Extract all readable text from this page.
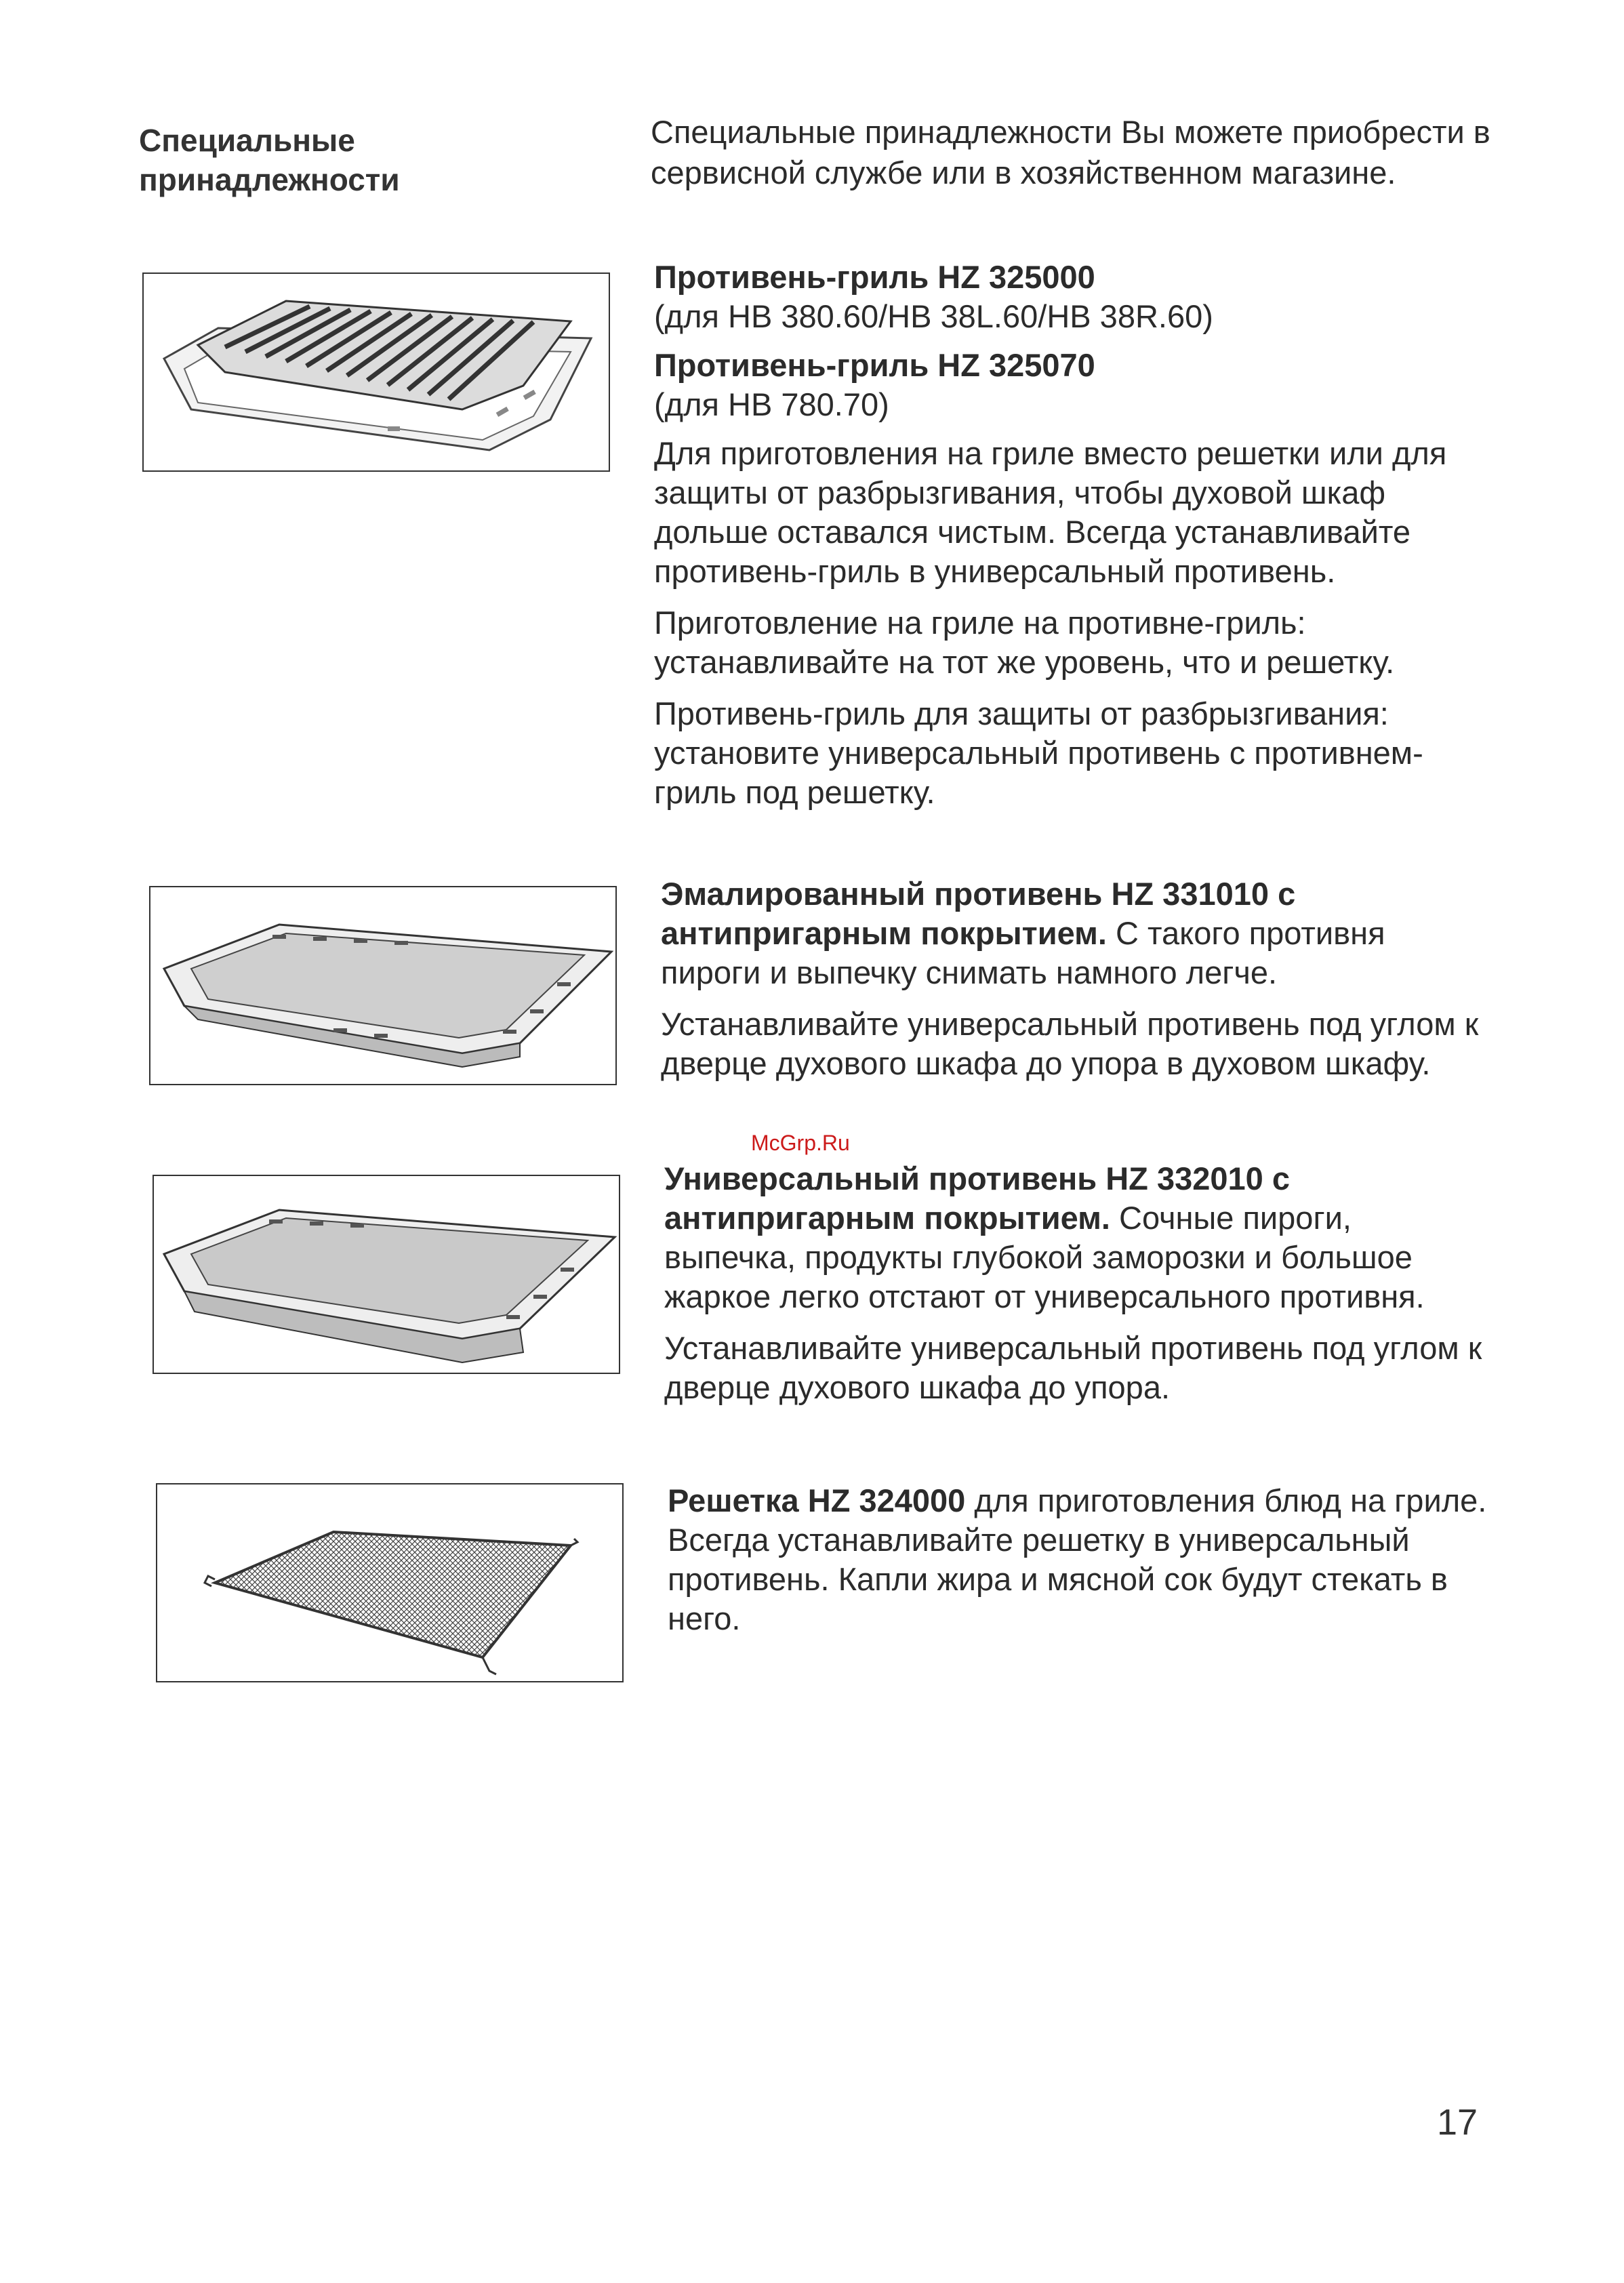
Специальные
принадлежности
Специальные принадлежности Вы можете приобрести в сервисной службе или в хозяйственном магазине.
Противень-гриль HZ 325000
(для HB 380.60/HB 38L.60/HB 38R.60)
Противень-гриль HZ 325070
(для HB 780.70)

Для приготовления на гриле вместо решетки или для защиты от разбрызгивания, чтобы духовой шкаф дольше оставался чистым. Всегда устанавливайте противень-гриль в универсальный противень.

Приготовление на гриле на противне-гриль: устанавливайте на тот же уровень, что и решетку.

Противень-гриль для защиты от разбрызгивания: установите универсальный противень с противнем-гриль под решетку.

Эмалированный противень HZ 331010 с антипригарным покрытием. С такого противня пироги и выпечку снимать намного легче.

Устанавливайте универсальный противень под углом к дверце духового шкафа до упора в духовом шкафу.

McGrp.Ru

Универсальный противень HZ 332010 с антипригарным покрытием. Сочные пироги, выпечка, продукты глубокой заморозки и большое жаркое легко отстают от универсального противня.

Устанавливайте универсальный противень под углом к дверце духового шкафа до упора.

Решетка HZ 324000 для приготовления блюд на гриле. Всегда устанавливайте решетку в универсальный противень. Капли жира и мясной сок будут стекать в него.

17
